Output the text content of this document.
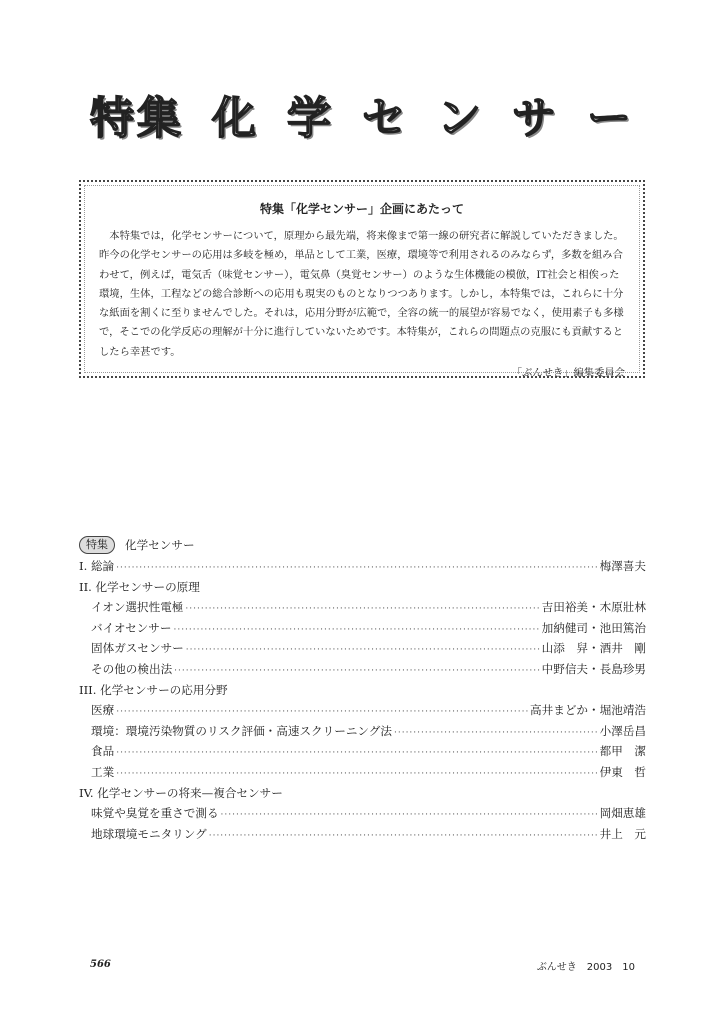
特集 化 学 セ ン サ ー
特集「化学センサー」企画にあたって

本特集では，化学センサーについて，原理から最先端，将来像まで第一線の研究者に解説していただきました。昨今の化学センサーの応用は多岐を極め，単品として工業，医療，環境等で利用されるのみならず，多数を組み合わせて，例えば，電気舌（味覚センサー），電気鼻（臭覚センサー）のような生体機能の模倣，IT社会と相俟った環境，生体，工程などの総合診断への応用も現実のものとなりつつあります。しかし，本特集では，これらに十分な紙面を割くに至りませんでした。それは，応用分野が広範で，全容の統一的展望が容易でなく，使用素子も多様で，そこでの化学反応の理解が十分に進行していないためです。本特集が，これらの問題点の克服にも貢献するとしたら幸甚です。

「ぶんせき」編集委員会
特集	化学センサー
I. 総論 ·····	梅澤喜夫
II. 化学センサーの原理
イオン選択性電極 ·····	吉田裕美・木原壯林
バイオセンサー ·····	加納健司・池田篤治
固体ガスセンサー ·····	山添　舁・酒井　剛
その他の検出法 ·····	中野信夫・長島珍男
III. 化学センサーの応用分野
医療 ·····	高井まどか・堀池靖浩
環境：環境汚染物質のリスク評価・高速スクリーニング法 ·····	小澤岳昌
食品 ·····	都甲　潔
工業 ·····	伊東　哲
IV. 化学センサーの将来—複合センサー
味覚や臭覚を重さで測る ·····	岡畑恵雄
地球環境モニタリング ·····	井上　元
566	ぶんせき　2003　10
